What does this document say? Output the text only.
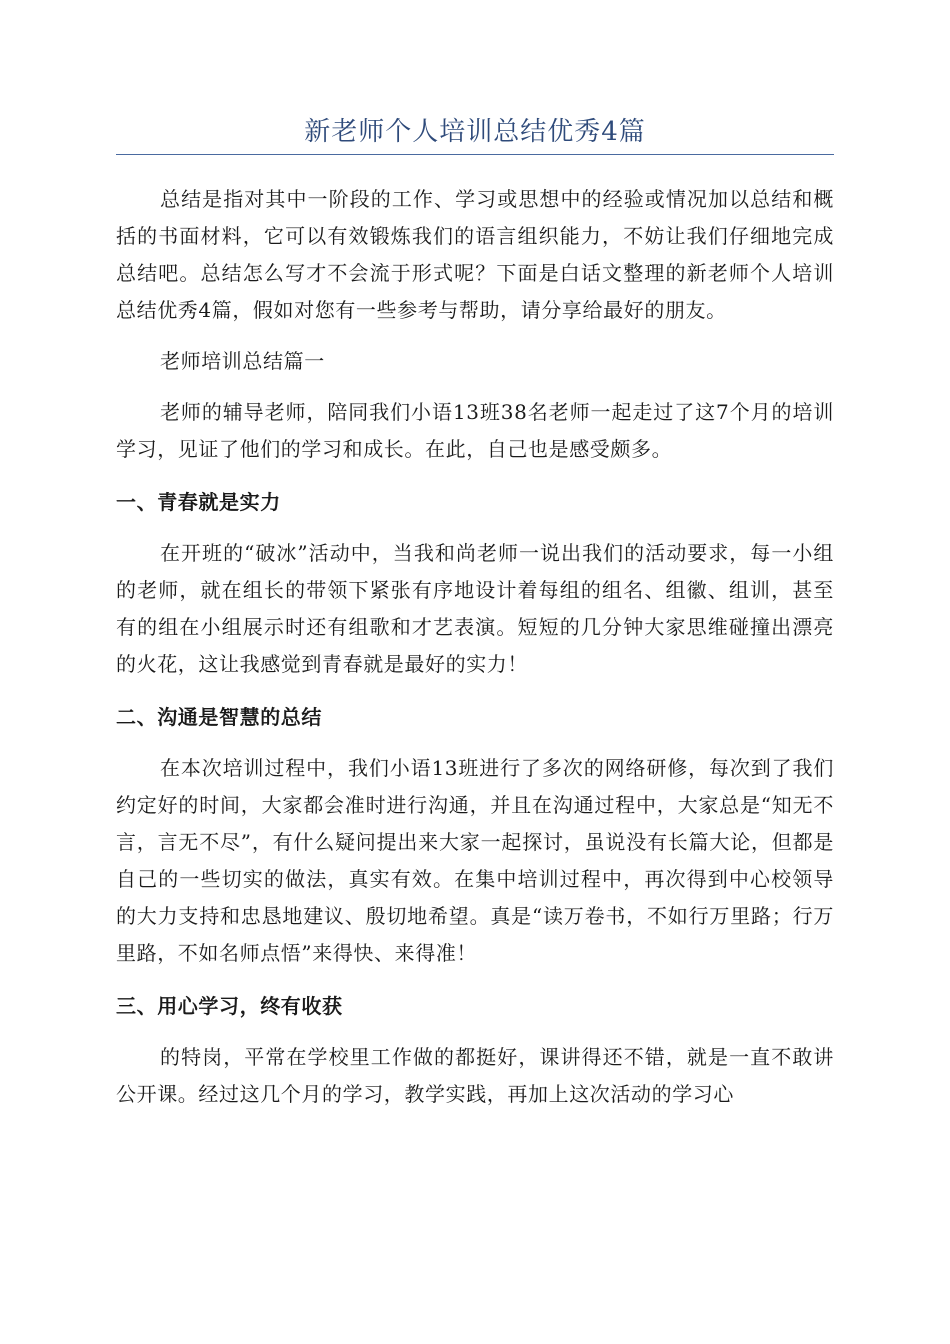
新老师个人培训总结优秀4篇

总结是指对其中一阶段的工作、学习或思想中的经验或情况加以总结和概括的书面材料，它可以有效锻炼我们的语言组织能力，不妨让我们仔细地完成总结吧。总结怎么写才不会流于形式呢？下面是白话文整理的新老师个人培训总结优秀4篇，假如对您有一些参考与帮助，请分享给最好的朋友。

老师培训总结篇一

老师的辅导老师，陪同我们小语13班38名老师一起走过了这7个月的培训学习，见证了他们的学习和成长。在此，自己也是感受颇多。

一、青春就是实力

在开班的“破冰”活动中，当我和尚老师一说出我们的活动要求，每一小组的老师，就在组长的带领下紧张有序地设计着每组的组名、组徽、组训，甚至有的组在小组展示时还有组歌和才艺表演。短短的几分钟大家思维碰撞出漂亮的火花，这让我感觉到青春就是最好的实力！

二、沟通是智慧的总结

在本次培训过程中，我们小语13班进行了多次的网络研修，每次到了我们约定好的时间，大家都会准时进行沟通，并且在沟通过程中，大家总是“知无不言，言无不尽”，有什么疑问提出来大家一起探讨，虽说没有长篇大论，但都是自己的一些切实的做法，真实有效。在集中培训过程中，再次得到中心校领导的大力支持和忠恳地建议、殷切地希望。真是“读万卷书，不如行万里路；行万里路，不如名师点悟”来得快、来得准！

三、用心学习，终有收获

的特岗，平常在学校里工作做的都挺好，课讲得还不错，就是一直不敢讲公开课。经过这几个月的学习，教学实践，再加上这次活动的学习心
